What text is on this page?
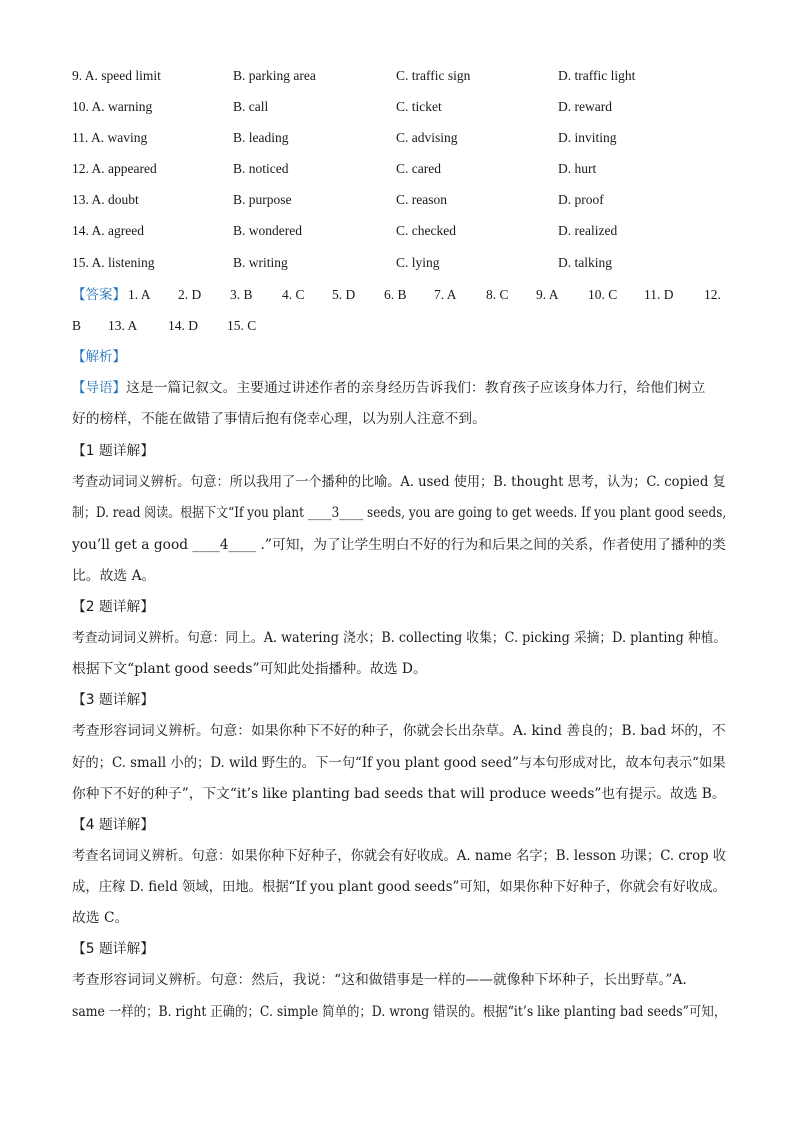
9. A. speed limit	B. parking area	C. traffic sign	D. traffic light
10. A. warning	B. call	C. ticket	D. reward
11. A. waving	B. leading	C. advising	D. inviting
12. A. appeared	B. noticed	C. cared	D. hurt
13. A. doubt	B. purpose	C. reason	D. proof
14. A. agreed	B. wondered	C. checked	D. realized
15. A. listening	B. writing	C. lying	D. talking
【答案】 1. A 2. D 3. B 4. C 5. D 6. B 7. A 8. C 9. A 10. C 11. D 12.
B 13. A 14. D 15. C
【解析】
【导语】这是一篇记叙文。主要通过讲述作者的亲身经历告诉我们：教育孩子应该身体力行，给他们树立
好的榜样，不能在做错了事情后抱有侥幸心理，以为别人注意不到。
【1 题详解】
考查动词词义辨析。句意：所以我用了一个播种的比喻。A. used 使用；B. thought 思考，认为；C. copied 复
制；D. read 阅读。根据下文“If you plant ____3____ seeds, you are going to get weeds. If you plant good seeds,
you’ll get a good ____4____ .”可知，为了让学生明白不好的行为和后果之间的关系，作者使用了播种的类
比。故选 A。
【2 题详解】
考查动词词义辨析。句意：同上。A. watering 浇水；B. collecting 收集；C. picking 采摘；D. planting 种植。
根据下文“plant good seeds”可知此处指播种。故选 D。
【3 题详解】
考查形容词词义辨析。句意：如果你种下不好的种子，你就会长出杂草。A. kind 善良的；B. bad 坏的，不
好的；C. small 小的；D. wild 野生的。下一句“If you plant good seed”与本句形成对比，故本句表示“如果
你种下不好的种子”，下文“it’s like planting bad seeds that will produce weeds”也有提示。故选 B。
【4 题详解】
考查名词词义辨析。句意：如果你种下好种子，你就会有好收成。A. name 名字；B. lesson 功课；C. crop 收
成，庄稼 D. field 领域，田地。根据“If you plant good seeds”可知，如果你种下好种子，你就会有好收成。
故选 C。
【5 题详解】
考查形容词词义辨析。句意：然后，我说：“这和做错事是一样的——就像种下坏种子，长出野草。”A.
same 一样的；B. right 正确的；C. simple 简单的；D. wrong 错误的。根据“it’s like planting bad seeds”可知，
